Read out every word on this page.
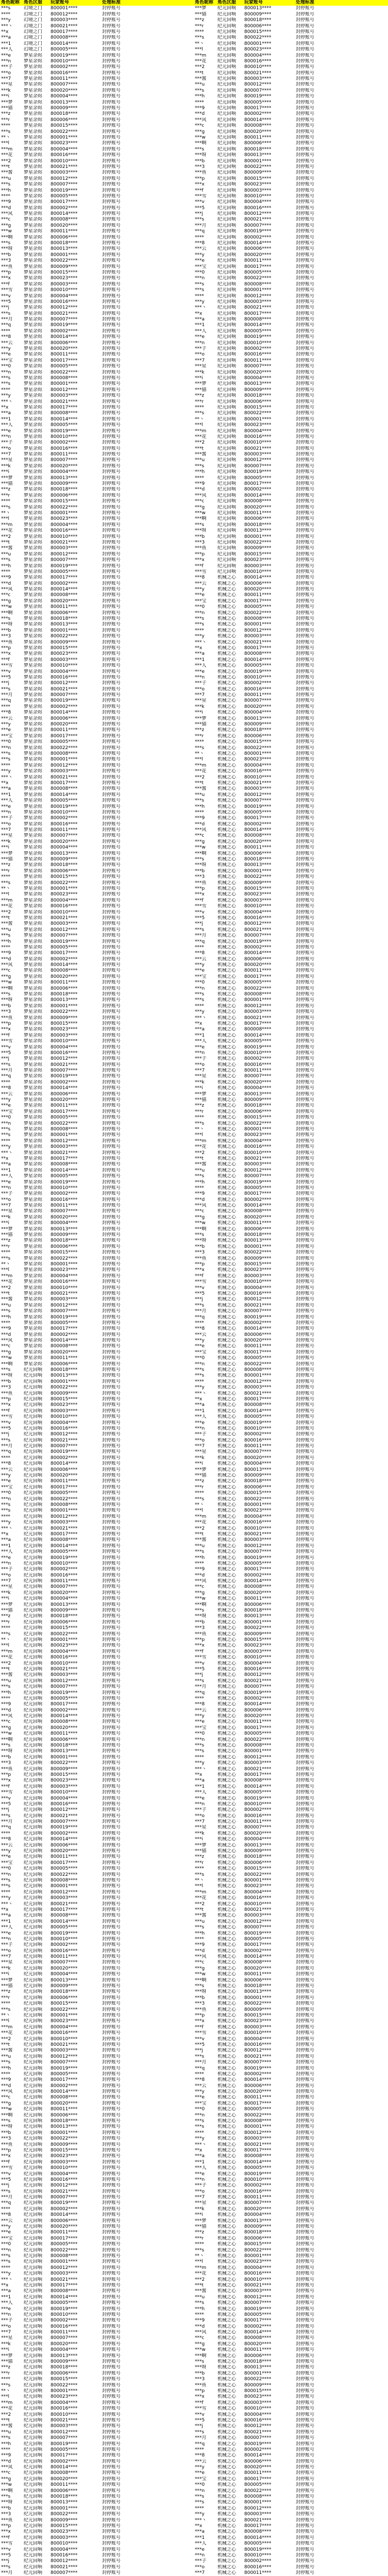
角色昵称 角色区服	玩家账号	处理标准
***s	幻境之门	800001****	封停账号
****	幻境之门	800012****	封停账号
***y	幻境之门	800003****	封停账号
***丶	幻境之门	800021****	封停账号
**x	幻境之门	800017****	封停账号
***a	幻境之门	800008****	封停账号
***1	幻境之门	800014****	封停账号
***人	幻境之门	800005****	封停账号
***e	梦星余烬	800019****	封停账号
***n	梦星余烬	800010****	封停账号
***子	梦星余烬	800002****	封停账号
***o	梦星余烬	800016****	封停账号
***7	梦星余烬	800011****	封停账号
***星	梦星余烬	800007****	封停账号
***k	梦星余烬	800020****	封停账号
***i	梦星余烬	800004****	封停账号
***梦	梦星余烬	800013****	封停账号
***猫	梦星余烬	800009****	封停账号
***z	梦星余烬	800018****	封停账号
***r	梦星余烬	800006****	封停账号
****	梦星余烬	800015****	封停账号
***s	梦星余烬	800022****	封停账号
**丶	梦星余烬	800001****	封停账号
***l	梦星余烬	800023****	封停账号
***m	梦星余烬	800004****	封停账号
***花	梦星余烬	800016****	封停账号
***2	梦星余烬	800010****	封停账号
***t	梦星余烬	800021****	封停账号
***酱	梦星余烬	800003****	封停账号
***u	梦星余烬	800012****	封停账号
***s	梦星余烬	800007****	封停账号
***h	梦星余烬	800019****	封停账号
****	梦星余烬	800005****	封停账号
***9	梦星余烬	800017****	封停账号
***d	梦星余烬	800002****	封停账号
***风	梦星余烬	800014****	封停账号
***c	梦星余烬	800008****	封停账号
***g	梦星余烬	800020****	封停账号
***w	梦星余烬	800011****	封停账号
***啊	梦星余烬	800006****	封停账号
***s	梦星余烬	800018****	封停账号
***呀	梦星余烬	800013****	封停账号
***b	梦星余烬	800001****	封停账号
***3	梦星余烬	800022****	封停账号
***鱼	梦星余烬	800009****	封停账号
***p	梦星余烬	800015****	封停账号
***x	梦星余烬	800023****	封停账号
***f	梦星余烬	800003****	封停账号
***雪	梦星余烬	800010****	封停账号
***v	梦星余烬	800004****	封停账号
***5	梦星余烬	800016****	封停账号
***j	梦星余烬	800012****	封停账号
***s	梦星余烬	800021****	封停账号
***月	梦星余烬	800007****	封停账号
***q	梦星余烬	800019****	封停账号
****	梦星余烬	800002****	封停账号
***8	梦星余烬	800014****	封停账号
***云	梦星余烬	800006****	封停账号
***y	梦星余烬	800020****	封停账号
***e	梦星余烬	800011****	封停账号
***宝	梦星余烬	800017****	封停账号
***0	梦星余烬	800005****	封停账号
***n	梦星余烬	800022****	封停账号
***s	梦星余烬	800008****	封停账号
***s	梦星余烬	800001****	封停账号
****	梦星余烬	800012****	封停账号
***y	梦星余烬	800003****	封停账号
***丶	梦星余烬	800021****	封停账号
**x	梦星余烬	800017****	封停账号
***a	梦星余烬	800008****	封停账号
***1	梦星余烬	800014****	封停账号
***人	梦星余烬	800005****	封停账号
***e	梦星余烬	800019****	封停账号
***n	梦星余烬	800010****	封停账号
***子	梦星余烬	800002****	封停账号
***o	梦星余烬	800016****	封停账号
***7	梦星余烬	800011****	封停账号
***星	梦星余烬	800007****	封停账号
***k	梦星余烬	800020****	封停账号
***i	梦星余烬	800004****	封停账号
***梦	梦星余烬	800013****	封停账号
***猫	梦星余烬	800009****	封停账号
***z	梦星余烬	800018****	封停账号
***r	梦星余烬	800006****	封停账号
****	梦星余烬	800015****	封停账号
***s	梦星余烬	800022****	封停账号
**丶	梦星余烬	800001****	封停账号
***l	梦星余烬	800023****	封停账号
***m	梦星余烬	800004****	封停账号
***花	梦星余烬	800016****	封停账号
***2	梦星余烬	800010****	封停账号
***t	梦星余烬	800021****	封停账号
***酱	梦星余烬	800003****	封停账号
***u	梦星余烬	800012****	封停账号
***s	梦星余烬	800007****	封停账号
***h	梦星余烬	800019****	封停账号
****	梦星余烬	800005****	封停账号
***9	梦星余烬	800017****	封停账号
***d	梦星余烬	800002****	封停账号
***风	梦星余烬	800014****	封停账号
***c	梦星余烬	800008****	封停账号
***g	梦星余烬	800020****	封停账号
***w	梦星余烬	800011****	封停账号
***啊	梦星余烬	800006****	封停账号
***s	梦星余烬	800018****	封停账号
***呀	梦星余烬	800013****	封停账号
***b	梦星余烬	800001****	封停账号
***3	梦星余烬	800022****	封停账号
***鱼	梦星余烬	800009****	封停账号
***p	梦星余烬	800015****	封停账号
***x	梦星余烬	800023****	封停账号
***f	梦星余烬	800003****	封停账号
***雪	梦星余烬	800010****	封停账号
***v	梦星余烬	800004****	封停账号
***5	梦星余烬	800016****	封停账号
***j	梦星余烬	800012****	封停账号
***s	梦星余烬	800021****	封停账号
***月	梦星余烬	800007****	封停账号
***q	梦星余烬	800019****	封停账号
****	梦星余烬	800002****	封停账号
***8	梦星余烬	800014****	封停账号
***云	梦星余烬	800006****	封停账号
***y	梦星余烬	800020****	封停账号
***e	梦星余烬	800011****	封停账号
***宝	梦星余烬	800017****	封停账号
***0	梦星余烬	800005****	封停账号
***n	梦星余烬	800022****	封停账号
***s	梦星余烬	800008****	封停账号
***s	梦星余烬	800001****	封停账号
****	梦星余烬	800012****	封停账号
***y	梦星余烬	800003****	封停账号
***丶	梦星余烬	800021****	封停账号
**x	梦星余烬	800017****	封停账号
***a	梦星余烬	800008****	封停账号
***1	梦星余烬	800014****	封停账号
***人	梦星余烬	800005****	封停账号
***e	梦星余烬	800019****	封停账号
***n	梦星余烬	800010****	封停账号
***子	梦星余烬	800002****	封停账号
***o	梦星余烬	800016****	封停账号
***7	梦星余烬	800011****	封停账号
***星	梦星余烬	800007****	封停账号
***k	梦星余烬	800020****	封停账号
***i	梦星余烬	800004****	封停账号
***梦	梦星余烬	800013****	封停账号
***猫	梦星余烬	800009****	封停账号
***z	梦星余烬	800018****	封停账号
***r	梦星余烬	800006****	封停账号
****	梦星余烬	800015****	封停账号
***s	梦星余烬	800022****	封停账号
**丶	梦星余烬	800001****	封停账号
***l	梦星余烬	800023****	封停账号
***m	梦星余烬	800004****	封停账号
***花	梦星余烬	800016****	封停账号
***2	梦星余烬	800010****	封停账号
***t	梦星余烬	800021****	封停账号
***酱	梦星余烬	800003****	封停账号
***u	梦星余烬	800012****	封停账号
***s	梦星余烬	800007****	封停账号
***h	梦星余烬	800019****	封停账号
****	梦星余烬	800005****	封停账号
***9	梦星余烬	800017****	封停账号
***d	梦星余烬	800002****	封停账号
***风	梦星余烬	800014****	封停账号
***c	梦星余烬	800008****	封停账号
***g	梦星余烬	800020****	封停账号
***w	梦星余烬	800011****	封停账号
***啊	梦星余烬	800006****	封停账号
***s	梦星余烬	800018****	封停账号
***呀	梦星余烬	800013****	封停账号
***b	梦星余烬	800001****	封停账号
***3	梦星余烬	800022****	封停账号
***鱼	梦星余烬	800009****	封停账号
***p	梦星余烬	800015****	封停账号
***x	梦星余烬	800023****	封停账号
***f	梦星余烬	800003****	封停账号
***雪	梦星余烬	800010****	封停账号
***v	梦星余烬	800004****	封停账号
***5	梦星余烬	800016****	封停账号
***j	梦星余烬	800012****	封停账号
***s	梦星余烬	800021****	封停账号
***月	梦星余烬	800007****	封停账号
***q	梦星余烬	800019****	封停账号
****	梦星余烬	800002****	封停账号
***8	梦星余烬	800014****	封停账号
***云	梦星余烬	800006****	封停账号
***y	梦星余烬	800020****	封停账号
***e	梦星余烬	800011****	封停账号
***宝	梦星余烬	800017****	封停账号
***0	梦星余烬	800005****	封停账号
***n	梦星余烬	800022****	封停账号
***s	梦星余烬	800008****	封停账号
***s	梦星余烬	800001****	封停账号
****	梦星余烬	800012****	封停账号
***y	梦星余烬	800003****	封停账号
***丶	梦星余烬	800021****	封停账号
**x	梦星余烬	800017****	封停账号
***a	梦星余烬	800008****	封停账号
***1	梦星余烬	800014****	封停账号
***人	梦星余烬	800005****	封停账号
***e	梦星余烬	800019****	封停账号
***n	梦星余烬	800010****	封停账号
***子	梦星余烬	800002****	封停账号
***o	梦星余烬	800016****	封停账号
***7	梦星余烬	800011****	封停账号
***星	梦星余烬	800007****	封停账号
***k	梦星余烬	800020****	封停账号
***i	梦星余烬	800004****	封停账号
***梦	梦星余烬	800013****	封停账号
***猫	梦星余烬	800009****	封停账号
***z	梦星余烬	800018****	封停账号
***r	梦星余烬	800006****	封停账号
****	梦星余烬	800015****	封停账号
***s	梦星余烬	800022****	封停账号
**丶	梦星余烬	800001****	封停账号
***l	梦星余烬	800023****	封停账号
***m	梦星余烬	800004****	封停账号
***花	梦星余烬	800016****	封停账号
***2	梦星余烬	800010****	封停账号
***t	梦星余烬	800021****	封停账号
***酱	梦星余烬	800003****	封停账号
***u	梦星余烬	800012****	封停账号
***s	梦星余烬	800007****	封停账号
***h	梦星余烬	800019****	封停账号
****	梦星余烬	800005****	封停账号
***9	梦星余烬	800017****	封停账号
***d	梦星余烬	800002****	封停账号
***风	梦星余烬	800014****	封停账号
***c	梦星余烬	800008****	封停账号
***g	梦星余烬	800020****	封停账号
***w	梦星余烬	800011****	封停账号
***啊	梦星余烬	800006****	封停账号
***s	纪元回响	800018****	封停账号
***呀	纪元回响	800013****	封停账号
***b	纪元回响	800001****	封停账号
***3	纪元回响	800022****	封停账号
***鱼	纪元回响	800009****	封停账号
***p	纪元回响	800015****	封停账号
***x	纪元回响	800023****	封停账号
***f	纪元回响	800003****	封停账号
***雪	纪元回响	800010****	封停账号
***v	纪元回响	800004****	封停账号
***5	纪元回响	800016****	封停账号
***j	纪元回响	800012****	封停账号
***s	纪元回响	800021****	封停账号
***月	纪元回响	800007****	封停账号
***q	纪元回响	800019****	封停账号
****	纪元回响	800002****	封停账号
***8	纪元回响	800014****	封停账号
***云	纪元回响	800006****	封停账号
***y	纪元回响	800020****	封停账号
***e	纪元回响	800011****	封停账号
***宝	纪元回响	800017****	封停账号
***0	纪元回响	800005****	封停账号
***n	纪元回响	800022****	封停账号
***s	纪元回响	800008****	封停账号
***s	纪元回响	800001****	封停账号
****	纪元回响	800012****	封停账号
***y	纪元回响	800003****	封停账号
***丶	纪元回响	800021****	封停账号
**x	纪元回响	800017****	封停账号
***a	纪元回响	800008****	封停账号
***1	纪元回响	800014****	封停账号
***人	纪元回响	800005****	封停账号
***e	纪元回响	800019****	封停账号
***n	纪元回响	800010****	封停账号
***子	纪元回响	800002****	封停账号
***o	纪元回响	800016****	封停账号
***7	纪元回响	800011****	封停账号
***星	纪元回响	800007****	封停账号
***k	纪元回响	800020****	封停账号
***i	纪元回响	800004****	封停账号
***梦	纪元回响	800013****	封停账号
***猫	纪元回响	800009****	封停账号
***z	纪元回响	800018****	封停账号
***r	纪元回响	800006****	封停账号
****	纪元回响	800015****	封停账号
***s	纪元回响	800022****	封停账号
**丶	纪元回响	800001****	封停账号
***l	纪元回响	800023****	封停账号
***m	纪元回响	800004****	封停账号
***花	纪元回响	800016****	封停账号
***2	纪元回响	800010****	封停账号
***t	纪元回响	800021****	封停账号
***酱	纪元回响	800003****	封停账号
***u	纪元回响	800012****	封停账号
***s	纪元回响	800007****	封停账号
***h	纪元回响	800019****	封停账号
****	纪元回响	800005****	封停账号
***9	纪元回响	800017****	封停账号
***d	纪元回响	800002****	封停账号
***风	纪元回响	800014****	封停账号
***c	纪元回响	800008****	封停账号
***g	纪元回响	800020****	封停账号
***w	纪元回响	800011****	封停账号
***啊	纪元回响	800006****	封停账号
***s	纪元回响	800018****	封停账号
***呀	纪元回响	800013****	封停账号
***b	纪元回响	800001****	封停账号
***3	纪元回响	800022****	封停账号
***鱼	纪元回响	800009****	封停账号
***p	纪元回响	800015****	封停账号
***x	纪元回响	800023****	封停账号
***f	纪元回响	800003****	封停账号
***雪	纪元回响	800010****	封停账号
***v	纪元回响	800004****	封停账号
***5	纪元回响	800016****	封停账号
***j	纪元回响	800012****	封停账号
***s	纪元回响	800021****	封停账号
***月	纪元回响	800007****	封停账号
***q	纪元回响	800019****	封停账号
****	纪元回响	800002****	封停账号
***8	纪元回响	800014****	封停账号
***云	纪元回响	800006****	封停账号
***y	纪元回响	800020****	封停账号
***e	纪元回响	800011****	封停账号
***宝	纪元回响	800017****	封停账号
***0	纪元回响	800005****	封停账号
***n	纪元回响	800022****	封停账号
***s	纪元回响	800008****	封停账号
***s	纪元回响	800001****	封停账号
****	纪元回响	800012****	封停账号
***y	纪元回响	800003****	封停账号
***丶	纪元回响	800021****	封停账号
**x	纪元回响	800017****	封停账号
***a	纪元回响	800008****	封停账号
***1	纪元回响	800014****	封停账号
***人	纪元回响	800005****	封停账号
***e	纪元回响	800019****	封停账号
***n	纪元回响	800010****	封停账号
***子	纪元回响	800002****	封停账号
***o	纪元回响	800016****	封停账号
***7	纪元回响	800011****	封停账号
***星	纪元回响	800007****	封停账号
***k	纪元回响	800020****	封停账号
***i	纪元回响	800004****	封停账号
***梦	纪元回响	800013****	封停账号
***猫	纪元回响	800009****	封停账号
***z	纪元回响	800018****	封停账号
***r	纪元回响	800006****	封停账号
****	纪元回响	800015****	封停账号
***s	纪元回响	800022****	封停账号
**丶	纪元回响	800001****	封停账号
***l	纪元回响	800023****	封停账号
***m	纪元回响	800004****	封停账号
***花	纪元回响	800016****	封停账号
***2	纪元回响	800010****	封停账号
***t	纪元回响	800021****	封停账号
***酱	纪元回响	800003****	封停账号
***u	纪元回响	800012****	封停账号
***s	纪元回响	800007****	封停账号
***h	纪元回响	800019****	封停账号
****	纪元回响	800005****	封停账号
***9	纪元回响	800017****	封停账号
***d	纪元回响	800002****	封停账号
***风	纪元回响	800014****	封停账号
***c	纪元回响	800008****	封停账号
***g	纪元回响	800020****	封停账号
***w	纪元回响	800011****	封停账号
***啊	纪元回响	800006****	封停账号
***s	纪元回响	800018****	封停账号
***呀	纪元回响	800013****	封停账号
***b	纪元回响	800001****	封停账号
***3	纪元回响	800022****	封停账号
***鱼	纪元回响	800009****	封停账号
***p	纪元回响	800015****	封停账号
***x	纪元回响	800023****	封停账号
***f	纪元回响	800003****	封停账号
***雪	纪元回响	800010****	封停账号
***v	纪元回响	800004****	封停账号
***5	纪元回响	800016****	封停账号
***j	纪元回响	800012****	封停账号
***s	纪元回响	800021****	封停账号
***月	纪元回响	800007****	封停账号
***q	纪元回响	800019****	封停账号
****	纪元回响	800002****	封停账号
***8	纪元回响	800014****	封停账号
***云	纪元回响	800006****	封停账号
***y	纪元回响	800020****	封停账号
***e	纪元回响	800011****	封停账号
***宝	纪元回响	800017****	封停账号
***0	纪元回响	800005****	封停账号
***n	纪元回响	800022****	封停账号
***s	纪元回响	800008****	封停账号
***s	纪元回响	800001****	封停账号
****	纪元回响	800012****	封停账号
***y	纪元回响	800003****	封停账号
***丶	纪元回响	800021****	封停账号
**x	纪元回响	800017****	封停账号
***a	纪元回响	800008****	封停账号
***1	纪元回响	800014****	封停账号
***人	纪元回响	800005****	封停账号
***e	纪元回响	800019****	封停账号
***n	纪元回响	800010****	封停账号
***子	纪元回响	800002****	封停账号
***o	纪元回响	800016****	封停账号
***7	纪元回响	800011****	封停账号
***星	纪元回响	800007****	封停账号
***k	纪元回响	800020****	封停账号
***i	纪元回响	800004****	封停账号
***梦	纪元回响	800013****	封停账号
***猫	纪元回响	800009****	封停账号
***z	纪元回响	800018****	封停账号
***r	纪元回响	800006****	封停账号
****	纪元回响	800015****	封停账号
***s	纪元回响	800022****	封停账号
**丶	纪元回响	800001****	封停账号
***l	纪元回响	800023****	封停账号
***m	纪元回响	800004****	封停账号
***花	纪元回响	800016****	封停账号
***2	纪元回响	800010****	封停账号
***t	纪元回响	800021****	封停账号
***酱	纪元回响	800003****	封停账号
***u	纪元回响	800012****	封停账号
***s	纪元回响	800007****	封停账号
***h	纪元回响	800019****	封停账号
****	纪元回响	800005****	封停账号
***9	纪元回响	800017****	封停账号
***d	纪元回响	800002****	封停账号
***风	纪元回响	800014****	封停账号
***c	纪元回响	800008****	封停账号
***g	纪元回响	800020****	封停账号
***w	纪元回响	800011****	封停账号
***啊	纪元回响	800006****	封停账号
***s	纪元回响	800018****	封停账号
***呀	纪元回响	800013****	封停账号
***b	纪元回响	800001****	封停账号
***3	纪元回响	800022****	封停账号
***鱼	纪元回响	800009****	封停账号
***p	纪元回响	800015****	封停账号
***x	纪元回响	800023****	封停账号
***f	纪元回响	800003****	封停账号
***雪	纪元回响	800010****	封停账号
***v	纪元回响	800004****	封停账号
***5	纪元回响	800016****	封停账号
***j	纪元回响	800012****	封停账号
***s	纪元回响	800021****	封停账号
***月	纪元回响	800007****	封停账号
角色昵称 角色区服	玩家账号	处理标准
***梦	纪元回响	800013****	封停账号
***猫	纪元回响	800009****	封停账号
***z	纪元回响	800018****	封停账号
***r	纪元回响	800006****	封停账号
****	纪元回响	800015****	封停账号
***s	纪元回响	800022****	封停账号
**丶	纪元回响	800001****	封停账号
***l	纪元回响	800023****	封停账号
***m	纪元回响	800004****	封停账号
***花	纪元回响	800016****	封停账号
***2	纪元回响	800010****	封停账号
***t	纪元回响	800021****	封停账号
***酱	纪元回响	800003****	封停账号
***u	纪元回响	800012****	封停账号
***s	纪元回响	800007****	封停账号
***h	纪元回响	800019****	封停账号
****	纪元回响	800005****	封停账号
***9	纪元回响	800017****	封停账号
***d	纪元回响	800002****	封停账号
***风	纪元回响	800014****	封停账号
***c	纪元回响	800008****	封停账号
***g	纪元回响	800020****	封停账号
***w	纪元回响	800011****	封停账号
***啊	纪元回响	800006****	封停账号
***s	纪元回响	800018****	封停账号
***呀	纪元回响	800013****	封停账号
***b	纪元回响	800001****	封停账号
***3	纪元回响	800022****	封停账号
***鱼	纪元回响	800009****	封停账号
***p	纪元回响	800015****	封停账号
***x	纪元回响	800023****	封停账号
***f	纪元回响	800003****	封停账号
***雪	纪元回响	800010****	封停账号
***v	纪元回响	800004****	封停账号
***5	纪元回响	800016****	封停账号
***j	纪元回响	800012****	封停账号
***s	纪元回响	800021****	封停账号
***月	纪元回响	800007****	封停账号
***q	纪元回响	800019****	封停账号
****	纪元回响	800002****	封停账号
***8	纪元回响	800014****	封停账号
***云	纪元回响	800006****	封停账号
***y	纪元回响	800020****	封停账号
***e	纪元回响	800011****	封停账号
***宝	纪元回响	800017****	封停账号
***0	纪元回响	800005****	封停账号
***n	纪元回响	800022****	封停账号
***s	纪元回响	800008****	封停账号
***s	纪元回响	800001****	封停账号
****	纪元回响	800012****	封停账号
***y	纪元回响	800003****	封停账号
***丶	纪元回响	800021****	封停账号
**x	纪元回响	800017****	封停账号
***a	纪元回响	800008****	封停账号
***1	纪元回响	800014****	封停账号
***人	纪元回响	800005****	封停账号
***e	纪元回响	800019****	封停账号
***n	纪元回响	800010****	封停账号
***子	纪元回响	800002****	封停账号
***o	纪元回响	800016****	封停账号
***7	纪元回响	800011****	封停账号
***星	纪元回响	800007****	封停账号
***k	纪元回响	800020****	封停账号
***i	纪元回响	800004****	封停账号
***梦	纪元回响	800013****	封停账号
***猫	纪元回响	800009****	封停账号
***z	纪元回响	800018****	封停账号
***r	纪元回响	800006****	封停账号
****	纪元回响	800015****	封停账号
***s	纪元回响	800022****	封停账号
**丶	纪元回响	800001****	封停账号
***l	纪元回响	800023****	封停账号
***m	纪元回响	800004****	封停账号
***花	纪元回响	800016****	封停账号
***2	纪元回响	800010****	封停账号
***t	纪元回响	800021****	封停账号
***酱	纪元回响	800003****	封停账号
***u	纪元回响	800012****	封停账号
***s	纪元回响	800007****	封停账号
***h	纪元回响	800019****	封停账号
****	纪元回响	800005****	封停账号
***9	纪元回响	800017****	封停账号
***d	纪元回响	800002****	封停账号
***风	纪元回响	800014****	封停账号
***c	纪元回响	800008****	封停账号
***g	纪元回响	800020****	封停账号
***w	纪元回响	800011****	封停账号
***啊	纪元回响	800006****	封停账号
***s	纪元回响	800018****	封停账号
***呀	纪元回响	800013****	封停账号
***b	纪元回响	800001****	封停账号
***3	纪元回响	800022****	封停账号
***鱼	纪元回响	800009****	封停账号
***p	纪元回响	800015****	封停账号
***x	纪元回响	800023****	封停账号
***f	纪元回响	800003****	封停账号
***雪	纪元回响	800010****	封停账号
***8	机械之心	800014****	封停账号
***云	机械之心	800006****	封停账号
***y	机械之心	800020****	封停账号
***e	机械之心	800011****	封停账号
***宝	机械之心	800017****	封停账号
***0	机械之心	800005****	封停账号
***n	机械之心	800022****	封停账号
***s	机械之心	800008****	封停账号
***s	机械之心	800001****	封停账号
****	机械之心	800012****	封停账号
***y	机械之心	800003****	封停账号
***丶	机械之心	800021****	封停账号
**x	机械之心	800017****	封停账号
***a	机械之心	800008****	封停账号
***1	机械之心	800014****	封停账号
***人	机械之心	800005****	封停账号
***e	机械之心	800019****	封停账号
***n	机械之心	800010****	封停账号
***子	机械之心	800002****	封停账号
***o	机械之心	800016****	封停账号
***7	机械之心	800011****	封停账号
***星	机械之心	800007****	封停账号
***k	机械之心	800020****	封停账号
***i	机械之心	800004****	封停账号
***梦	机械之心	800013****	封停账号
***猫	机械之心	800009****	封停账号
***z	机械之心	800018****	封停账号
***r	机械之心	800006****	封停账号
****	机械之心	800015****	封停账号
***s	机械之心	800022****	封停账号
**丶	机械之心	800001****	封停账号
***l	机械之心	800023****	封停账号
***m	机械之心	800004****	封停账号
***花	机械之心	800016****	封停账号
***2	机械之心	800010****	封停账号
***t	机械之心	800021****	封停账号
***酱	机械之心	800003****	封停账号
***u	机械之心	800012****	封停账号
***s	机械之心	800007****	封停账号
***h	机械之心	800019****	封停账号
****	机械之心	800005****	封停账号
***9	机械之心	800017****	封停账号
***d	机械之心	800002****	封停账号
***风	机械之心	800014****	封停账号
***c	机械之心	800008****	封停账号
***g	机械之心	800020****	封停账号
***w	机械之心	800011****	封停账号
***啊	机械之心	800006****	封停账号
***s	机械之心	800018****	封停账号
***呀	机械之心	800013****	封停账号
***b	机械之心	800001****	封停账号
***3	机械之心	800022****	封停账号
***鱼	机械之心	800009****	封停账号
***p	机械之心	800015****	封停账号
***x	机械之心	800023****	封停账号
***f	机械之心	800003****	封停账号
***雪	机械之心	800010****	封停账号
***v	机械之心	800004****	封停账号
***5	机械之心	800016****	封停账号
***j	机械之心	800012****	封停账号
***s	机械之心	800021****	封停账号
***月	机械之心	800007****	封停账号
***q	机械之心	800019****	封停账号
****	机械之心	800002****	封停账号
***8	机械之心	800014****	封停账号
***云	机械之心	800006****	封停账号
***y	机械之心	800020****	封停账号
***e	机械之心	800011****	封停账号
***宝	机械之心	800017****	封停账号
***0	机械之心	800005****	封停账号
***n	机械之心	800022****	封停账号
***s	机械之心	800008****	封停账号
***s	机械之心	800001****	封停账号
****	机械之心	800012****	封停账号
***y	机械之心	800003****	封停账号
***丶	机械之心	800021****	封停账号
**x	机械之心	800017****	封停账号
***a	机械之心	800008****	封停账号
***1	机械之心	800014****	封停账号
***人	机械之心	800005****	封停账号
***e	机械之心	800019****	封停账号
***n	机械之心	800010****	封停账号
***子	机械之心	800002****	封停账号
***o	机械之心	800016****	封停账号
***7	机械之心	800011****	封停账号
***星	机械之心	800007****	封停账号
***k	机械之心	800020****	封停账号
***i	机械之心	800004****	封停账号
***梦	机械之心	800013****	封停账号
***猫	机械之心	800009****	封停账号
***z	机械之心	800018****	封停账号
***r	机械之心	800006****	封停账号
****	机械之心	800015****	封停账号
***s	机械之心	800022****	封停账号
**丶	机械之心	800001****	封停账号
***l	机械之心	800023****	封停账号
***m	机械之心	800004****	封停账号
***花	机械之心	800016****	封停账号
***2	机械之心	800010****	封停账号
***t	机械之心	800021****	封停账号
***酱	机械之心	800003****	封停账号
***u	机械之心	800012****	封停账号
***s	机械之心	800007****	封停账号
***h	机械之心	800019****	封停账号
****	机械之心	800005****	封停账号
***9	机械之心	800017****	封停账号
***d	机械之心	800002****	封停账号
***风	机械之心	800014****	封停账号
***c	机械之心	800008****	封停账号
***g	机械之心	800020****	封停账号
***w	机械之心	800011****	封停账号
***啊	机械之心	800006****	封停账号
***s	机械之心	800018****	封停账号
***呀	机械之心	800013****	封停账号
***b	机械之心	800001****	封停账号
***3	机械之心	800022****	封停账号
***鱼	机械之心	800009****	封停账号
***p	机械之心	800015****	封停账号
***x	机械之心	800023****	封停账号
***f	机械之心	800003****	封停账号
***雪	机械之心	800010****	封停账号
***v	机械之心	800004****	封停账号
***5	机械之心	800016****	封停账号
***j	机械之心	800012****	封停账号
***s	机械之心	800021****	封停账号
***月	机械之心	800007****	封停账号
***q	机械之心	800019****	封停账号
****	机械之心	800002****	封停账号
***8	机械之心	800014****	封停账号
***云	机械之心	800006****	封停账号
***y	机械之心	800020****	封停账号
***e	机械之心	800011****	封停账号
***宝	机械之心	800017****	封停账号
***0	机械之心	800005****	封停账号
***n	机械之心	800022****	封停账号
***s	机械之心	800008****	封停账号
***s	机械之心	800001****	封停账号
****	机械之心	800012****	封停账号
***y	机械之心	800003****	封停账号
***丶	机械之心	800021****	封停账号
**x	机械之心	800017****	封停账号
***a	机械之心	800008****	封停账号
***1	机械之心	800014****	封停账号
***人	机械之心	800005****	封停账号
***e	机械之心	800019****	封停账号
***n	机械之心	800010****	封停账号
***子	机械之心	800002****	封停账号
***o	机械之心	800016****	封停账号
***7	机械之心	800011****	封停账号
***星	机械之心	800007****	封停账号
***k	机械之心	800020****	封停账号
***i	机械之心	800004****	封停账号
***梦	机械之心	800013****	封停账号
***猫	机械之心	800009****	封停账号
***z	机械之心	800018****	封停账号
***r	机械之心	800006****	封停账号
****	机械之心	800015****	封停账号
***s	机械之心	800022****	封停账号
**丶	机械之心	800001****	封停账号
***l	机械之心	800023****	封停账号
***m	机械之心	800004****	封停账号
***花	机械之心	800016****	封停账号
***2	机械之心	800010****	封停账号
***t	机械之心	800021****	封停账号
***酱	机械之心	800003****	封停账号
***u	机械之心	800012****	封停账号
***s	机械之心	800007****	封停账号
***h	机械之心	800019****	封停账号
****	机械之心	800005****	封停账号
***9	机械之心	800017****	封停账号
***d	机械之心	800002****	封停账号
***风	机械之心	800014****	封停账号
***c	机械之心	800008****	封停账号
***g	机械之心	800020****	封停账号
***w	机械之心	800011****	封停账号
***啊	机械之心	800006****	封停账号
***s	机械之心	800018****	封停账号
***呀	机械之心	800013****	封停账号
***b	机械之心	800001****	封停账号
***3	机械之心	800022****	封停账号
***鱼	机械之心	800009****	封停账号
***p	机械之心	800015****	封停账号
***x	机械之心	800023****	封停账号
***f	机械之心	800003****	封停账号
***雪	机械之心	800010****	封停账号
***v	机械之心	800004****	封停账号
***5	机械之心	800016****	封停账号
***j	机械之心	800012****	封停账号
***s	机械之心	800021****	封停账号
***月	机械之心	800007****	封停账号
***q	机械之心	800019****	封停账号
****	机械之心	800002****	封停账号
***8	机械之心	800014****	封停账号
***云	机械之心	800006****	封停账号
***y	机械之心	800020****	封停账号
***e	机械之心	800011****	封停账号
***宝	机械之心	800017****	封停账号
***0	机械之心	800005****	封停账号
***n	机械之心	800022****	封停账号
***s	机械之心	800008****	封停账号
***s	机械之心	800001****	封停账号
****	机械之心	800012****	封停账号
***y	机械之心	800003****	封停账号
***丶	机械之心	800021****	封停账号
**x	机械之心	800017****	封停账号
***a	机械之心	800008****	封停账号
***1	机械之心	800014****	封停账号
***人	机械之心	800005****	封停账号
***e	机械之心	800019****	封停账号
***n	机械之心	800010****	封停账号
***子	机械之心	800002****	封停账号
***o	机械之心	800016****	封停账号
***7	机械之心	800011****	封停账号
***星	机械之心	800007****	封停账号
***k	机械之心	800020****	封停账号
***i	机械之心	800004****	封停账号
***梦	机械之心	800013****	封停账号
***猫	机械之心	800009****	封停账号
***z	机械之心	800018****	封停账号
***r	机械之心	800006****	封停账号
****	机械之心	800015****	封停账号
***s	机械之心	800022****	封停账号
**丶	机械之心	800001****	封停账号
***l	机械之心	800023****	封停账号
***m	机械之心	800004****	封停账号
***花	机械之心	800016****	封停账号
***2	机械之心	800010****	封停账号
***t	机械之心	800021****	封停账号
***酱	机械之心	800003****	封停账号
***u	机械之心	800012****	封停账号
***s	机械之心	800007****	封停账号
***h	机械之心	800019****	封停账号
****	机械之心	800005****	封停账号
***9	机械之心	800017****	封停账号
***d	机械之心	800002****	封停账号
***风	机械之心	800014****	封停账号
***c	机械之心	800008****	封停账号
***g	机械之心	800020****	封停账号
***w	机械之心	800011****	封停账号
***啊	机械之心	800006****	封停账号
***s	机械之心	800018****	封停账号
***呀	机械之心	800013****	封停账号
***b	机械之心	800001****	封停账号
***3	机械之心	800022****	封停账号
***鱼	机械之心	800009****	封停账号
***p	机械之心	800015****	封停账号
***x	机械之心	800023****	封停账号
***f	机械之心	800003****	封停账号
***雪	机械之心	800010****	封停账号
***v	机械之心	800004****	封停账号
***5	机械之心	800016****	封停账号
***j	机械之心	800012****	封停账号
***s	机械之心	800021****	封停账号
***月	机械之心	800007****	封停账号
***q	机械之心	800019****	封停账号
****	机械之心	800002****	封停账号
***8	机械之心	800014****	封停账号
***云	机械之心	800006****	封停账号
***y	机械之心	800020****	封停账号
***e	机械之心	800011****	封停账号
***宝	机械之心	800017****	封停账号
***0	机械之心	800005****	封停账号
***n	机械之心	800022****	封停账号
***s	机械之心	800008****	封停账号
***s	机械之心	800001****	封停账号
****	机械之心	800012****	封停账号
***y	机械之心	800003****	封停账号
***丶	机械之心	800021****	封停账号
**x	机械之心	800017****	封停账号
***a	机械之心	800008****	封停账号
***1	机械之心	800014****	封停账号
***人	机械之心	800005****	封停账号
***e	机械之心	800019****	封停账号
***n	机械之心	800010****	封停账号
***子	机械之心	800002****	封停账号
***o	机械之心	800016****	封停账号
***7	机械之心	800011****	封停账号
***星	机械之心	800007****	封停账号
***k	机械之心	800020****	封停账号
***i	机械之心	800004****	封停账号
***梦	机械之心	800013****	封停账号
***猫	机械之心	800009****	封停账号
***z	机械之心	800018****	封停账号
***r	机械之心	800006****	封停账号
****	机械之心	800015****	封停账号
***s	机械之心	800022****	封停账号
**丶	机械之心	800001****	封停账号
***l	机械之心	800023****	封停账号
***m	机械之心	800004****	封停账号
***花	机械之心	800016****	封停账号
***2	机械之心	800010****	封停账号
***t	机械之心	800021****	封停账号
***酱	机械之心	800003****	封停账号
***u	机械之心	800012****	封停账号
***s	机械之心	800007****	封停账号
***h	机械之心	800019****	封停账号
****	机械之心	800005****	封停账号
***9	机械之心	800017****	封停账号
***d	机械之心	800002****	封停账号
***风	机械之心	800014****	封停账号
***c	机械之心	800008****	封停账号
***g	机械之心	800020****	封停账号
***w	机械之心	800011****	封停账号
***啊	机械之心	800006****	封停账号
***s	机械之心	800018****	封停账号
***呀	机械之心	800013****	封停账号
***b	机械之心	800001****	封停账号
***3	机械之心	800022****	封停账号
***鱼	机械之心	800009****	封停账号
***p	机械之心	800015****	封停账号
***x	机械之心	800023****	封停账号
***f	机械之心	800003****	封停账号
***雪	机械之心	800010****	封停账号
***v	机械之心	800004****	封停账号
***5	机械之心	800016****	封停账号
***j	机械之心	800012****	封停账号
***s	机械之心	800021****	封停账号
***月	机械之心	800007****	封停账号
***q	机械之心	800019****	封停账号
****	机械之心	800002****	封停账号
***8	机械之心	800014****	封停账号
***云	机械之心	800006****	封停账号
***y	机械之心	800020****	封停账号
***e	机械之心	800011****	封停账号
***宝	机械之心	800017****	封停账号
***0	机械之心	800005****	封停账号
***n	机械之心	800022****	封停账号
***s	机械之心	800008****	封停账号
***s	机械之心	800001****	封停账号
****	机械之心	800012****	封停账号
***y	机械之心	800003****	封停账号
***丶	机械之心	800021****	封停账号
**x	机械之心	800017****	封停账号
***a	机械之心	800008****	封停账号
***1	机械之心	800014****	封停账号
***人	机械之心	800005****	封停账号
***e	机械之心	800019****	封停账号
***n	机械之心	800010****	封停账号
***子	机械之心	800002****	封停账号
***o	机械之心	800016****	封停账号
***7	机械之心	800011****	封停账号
